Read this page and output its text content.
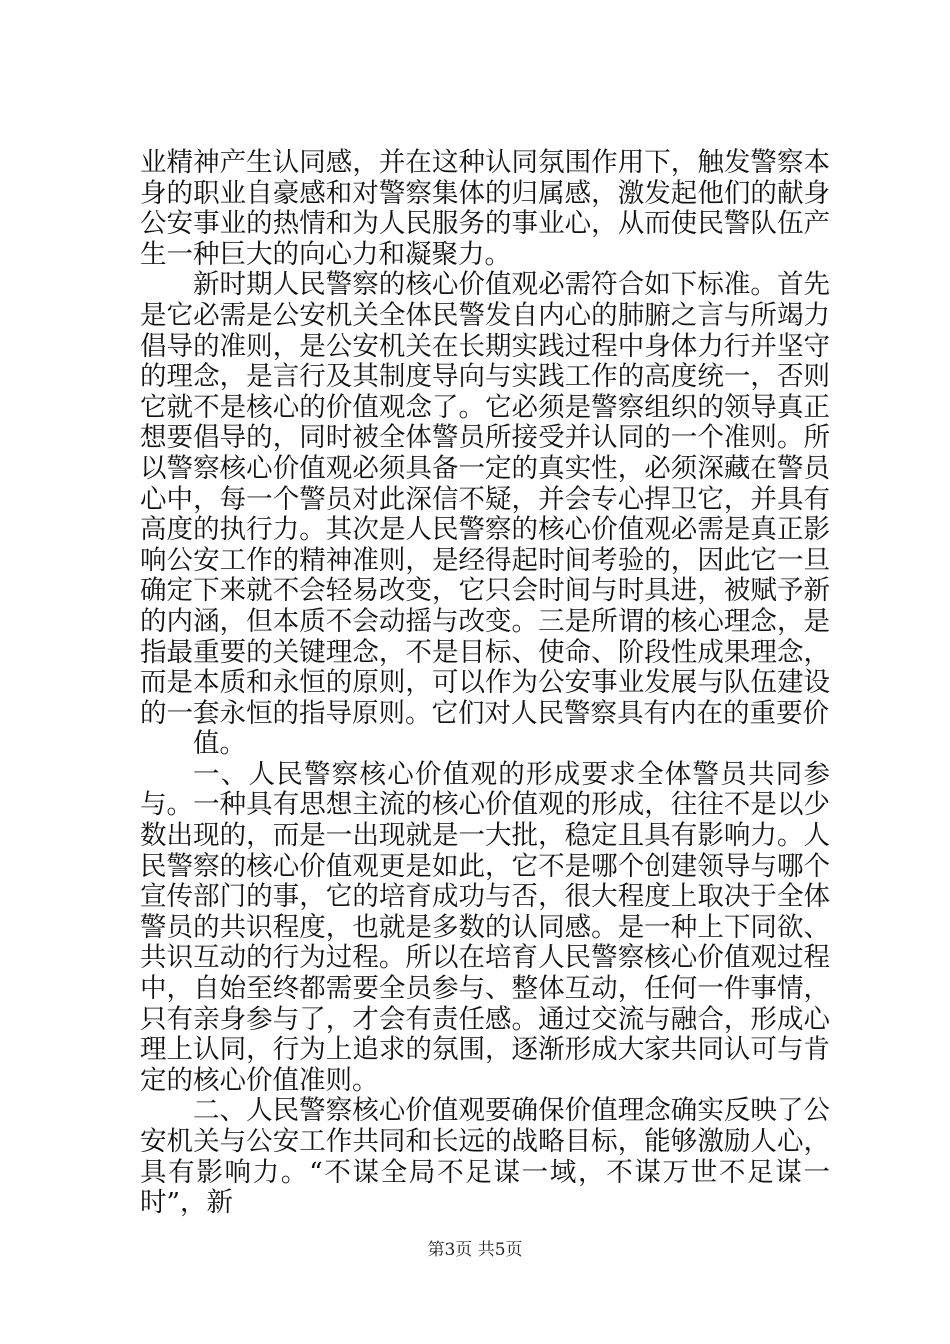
业精神产生认同感，并在这种认同氛围作用下，触发警察本身的职业自豪感和对警察集体的归属感，激发起他们的献身公安事业的热情和为人民服务的事业心，从而使民警队伍产生一种巨大的向心力和凝聚力。

新时期人民警察的核心价值观必需符合如下标准。首先是它必需是公安机关全体民警发自内心的肺腑之言与所竭力倡导的准则，是公安机关在长期实践过程中身体力行并坚守的理念，是言行及其制度导向与实践工作的高度统一，否则它就不是核心的价值观念了。它必须是警察组织的领导真正想要倡导的，同时被全体警员所接受并认同的一个准则。所以警察核心价值观必须具备一定的真实性，必须深藏在警员心中，每一个警员对此深信不疑，并会专心捍卫它，并具有高度的执行力。其次是人民警察的核心价值观必需是真正影响公安工作的精神准则，是经得起时间考验的，因此它一旦确定下来就不会轻易改变，它只会时间与时具进，被赋予新的内涵，但本质不会动摇与改变。三是所谓的核心理念，是指最重要的关键理念，不是目标、使命、阶段性成果理念，而是本质和永恒的原则，可以作为公安事业发展与队伍建设的一套永恒的指导原则。它们对人民警察具有内在的重要价

值。

一、人民警察核心价值观的形成要求全体警员共同参与。一种具有思想主流的核心价值观的形成，往往不是以少数出现的，而是一出现就是一大批，稳定且具有影响力。人民警察的核心价值观更是如此，它不是哪个创建领导与哪个宣传部门的事，它的培育成功与否，很大程度上取决于全体警员的共识程度，也就是多数的认同感。是一种上下同欲、共识互动的行为过程。所以在培育人民警察核心价值观过程中，自始至终都需要全员参与、整体互动，任何一件事情，只有亲身参与了，才会有责任感。通过交流与融合，形成心理上认同，行为上追求的氛围，逐渐形成大家共同认可与肯定的核心价值准则。

二、人民警察核心价值观要确保价值理念确实反映了公安机关与公安工作共同和长远的战略目标，能够激励人心，具有影响力。“不谋全局不足谋一域，不谋万世不足谋一时”，新

第3页 共5页
